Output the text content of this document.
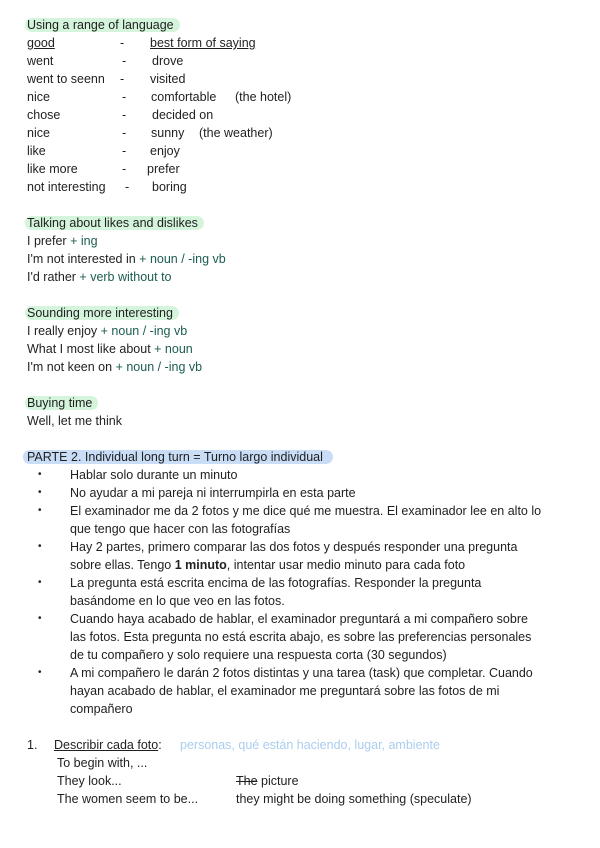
Using a range of language
good	- best form of saying
went	- drove
went to seenn - visited
nice	- comfortable (the hotel)
chose	- decided on
nice	- sunny (the weather)
like	- enjoy
like more	- prefer
not interesting - boring
Talking about likes and dislikes
I prefer + ing
I'm not interested in + noun / -ing vb
I'd rather + verb without to
Sounding more interesting
I really enjoy + noun / -ing vb
What I most like about + noun
I'm not keen on + noun / -ing vb
Buying time
Well, let me think
PARTE 2. Individual long turn = Turno largo individual
• Hablar solo durante un minuto
• No ayudar a mi pareja ni interrumpirla en esta parte
• El examinador me da 2 fotos y me dice qué me muestra. El examinador lee en alto lo
que tengo que hacer con las fotografías
• Hay 2 partes, primero comparar las dos fotos y después responder una pregunta
sobre ellas. Tengo 1 minuto, intentar usar medio minuto para cada foto
• La pregunta está escrita encima de las fotografías. Responder la pregunta
basándome en lo que veo en las fotos.
• Cuando haya acabado de hablar, el examinador preguntará a mi compañero sobre
las fotos. Esta pregunta no está escrita abajo, es sobre las preferencias personales
de tu compañero y solo requiere una respuesta corta (30 segundos)
• A mi compañero le darán 2 fotos distintas y una tarea (task) que completar. Cuando
hayan acabado de hablar, el examinador me preguntará sobre las fotos de mi
compañero
1. Describir cada foto: personas, qué están haciendo, lugar, ambiente
To begin with, ...
They look...	The picture
The women seem to be...	they might be doing something (speculate)
